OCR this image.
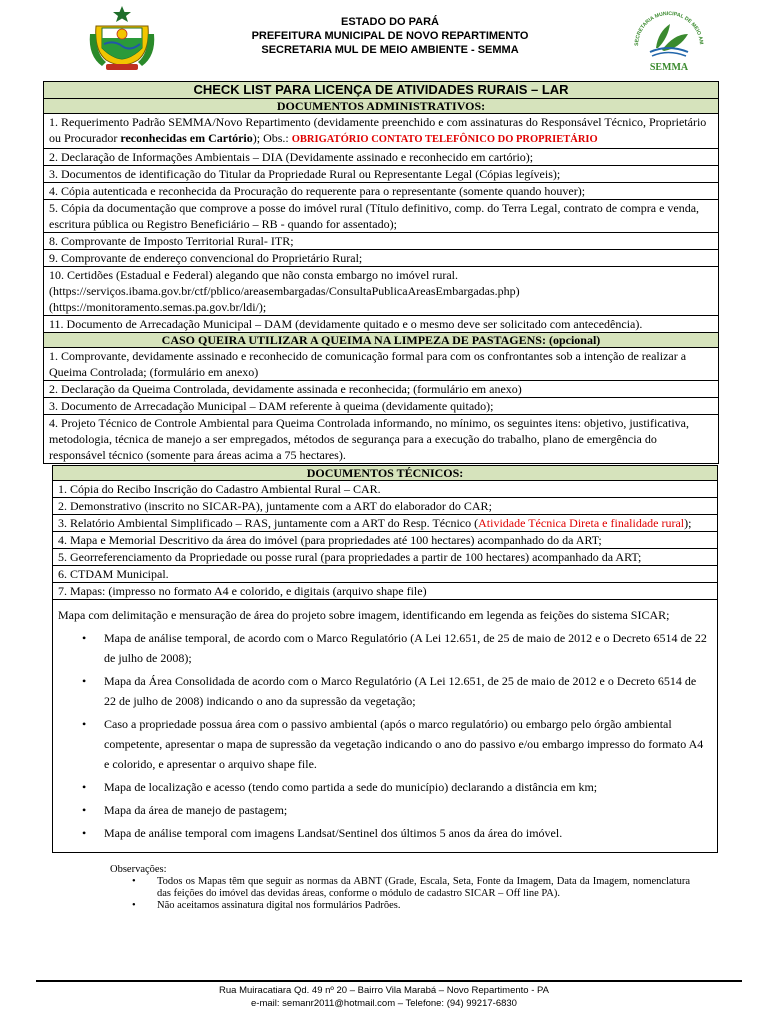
ESTADO DO PARÁ
PREFEITURA MUNICIPAL DE NOVO REPARTIMENTO
SECRETARIA MUL DE MEIO AMBIENTE - SEMMA	SECRETARIA MUNICIPAL DE MEIO AM
SEMMA
CHECK LIST PARA LICENÇA DE ATIVIDADES RURAIS – LAR
DOCUMENTOS ADMINISTRATIVOS:
1. Requerimento Padrão SEMMA/Novo Repartimento (devidamente preenchido e com assinaturas do Responsável Técnico, Proprietário ou Procurador reconhecidas em Cartório); Obs.: OBRIGATÓRIO CONTATO TELEFÔNICO DO PROPRIETÁRIO
2. Declaração de Informações Ambientais – DIA (Devidamente assinado e reconhecido em cartório);
3. Documentos de identificação do Titular da Propriedade Rural ou Representante Legal (Cópias legíveis);
4. Cópia autenticada e reconhecida da Procuração do requerente para o representante (somente quando houver);
5. Cópia da documentação que comprove a posse do imóvel rural (Título definitivo, comp. do Terra Legal, contrato de compra e venda, escritura pública ou Registro Beneficiário – RB - quando for assentado);
8. Comprovante de Imposto Territorial Rural- ITR;
9. Comprovante de endereço convencional do Proprietário Rural;
10. Certidões (Estadual e Federal) alegando que não consta embargo no imóvel rural.
(https://serviços.ibama.gov.br/ctf/pblico/areasembargadas/ConsultaPublicaAreasEmbargadas.php)
(https://monitoramento.semas.pa.gov.br/ldi/);
11. Documento de Arrecadação Municipal – DAM (devidamente quitado e o mesmo deve ser solicitado com antecedência).
CASO QUEIRA UTILIZAR A QUEIMA NA LIMPEZA DE PASTAGENS: (opcional)
1. Comprovante, devidamente assinado e reconhecido de comunicação formal para com os confrontantes sob a intenção de realizar a Queima Controlada; (formulário em anexo)
2. Declaração da Queima Controlada, devidamente assinada e reconhecida; (formulário em anexo)
3. Documento de Arrecadação Municipal – DAM referente à queima (devidamente quitado);
4. Projeto Técnico de Controle Ambiental para Queima Controlada informando, no mínimo, os seguintes itens: objetivo, justificativa, metodologia, técnica de manejo a ser empregados, métodos de segurança para a execução do trabalho, plano de emergência do responsável técnico (somente para áreas acima a 75 hectares).
DOCUMENTOS TÉCNICOS:
1. Cópia do Recibo Inscrição do Cadastro Ambiental Rural – CAR.
2. Demonstrativo (inscrito no SICAR-PA), juntamente com a ART do elaborador do CAR;
3. Relatório Ambiental Simplificado – RAS, juntamente com a ART do Resp. Técnico (Atividade Técnica Direta e finalidade rural);
4. Mapa e Memorial Descritivo da área do imóvel (para propriedades até 100 hectares) acompanhado do da ART;
5. Georreferenciamento da Propriedade ou posse rural (para propriedades a partir de 100 hectares) acompanhado da ART;
6. CTDAM Municipal.
7. Mapas: (impresso no formato A4 e colorido, e digitais (arquivo shape file)
Mapa com delimitação e mensuração de área do projeto sobre imagem, identificando em legenda as feições do sistema SICAR;
• Mapa de análise temporal, de acordo com o Marco Regulatório (A Lei 12.651, de 25 de maio de 2012 e o Decreto 6514 de 22 de julho de 2008);
• Mapa da Área Consolidada de acordo com o Marco Regulatório (A Lei 12.651, de 25 de maio de 2012 e o Decreto 6514 de 22 de julho de 2008) indicando o ano da supressão da vegetação;
• Caso a propriedade possua área com o passivo ambiental (após o marco regulatório) ou embargo pelo órgão ambiental competente, apresentar o mapa de supressão da vegetação indicando o ano do passivo e/ou embargo impresso do formato A4 e colorido, e apresentar o arquivo shape file.
• Mapa de localização e acesso (tendo como partida a sede do município) declarando a distância em km;
• Mapa da área de manejo de pastagem;
• Mapa de análise temporal com imagens Landsat/Sentinel dos últimos 5 anos da área do imóvel.
Observações:
• Todos os Mapas têm que seguir as normas da ABNT (Grade, Escala, Seta, Fonte da Imagem, Data da Imagem, nomenclatura das feições do imóvel das devidas áreas, conforme o módulo de cadastro SICAR – Off line PA).
• Não aceitamos assinatura digital nos formulários Padrões.
Rua Muiracatiara Qd. 49 nº 20 – Bairro Vila Marabá – Novo Repartimento - PA
e-mail: semanr2011@hotmail.com – Telefone: (94) 99217-6830
